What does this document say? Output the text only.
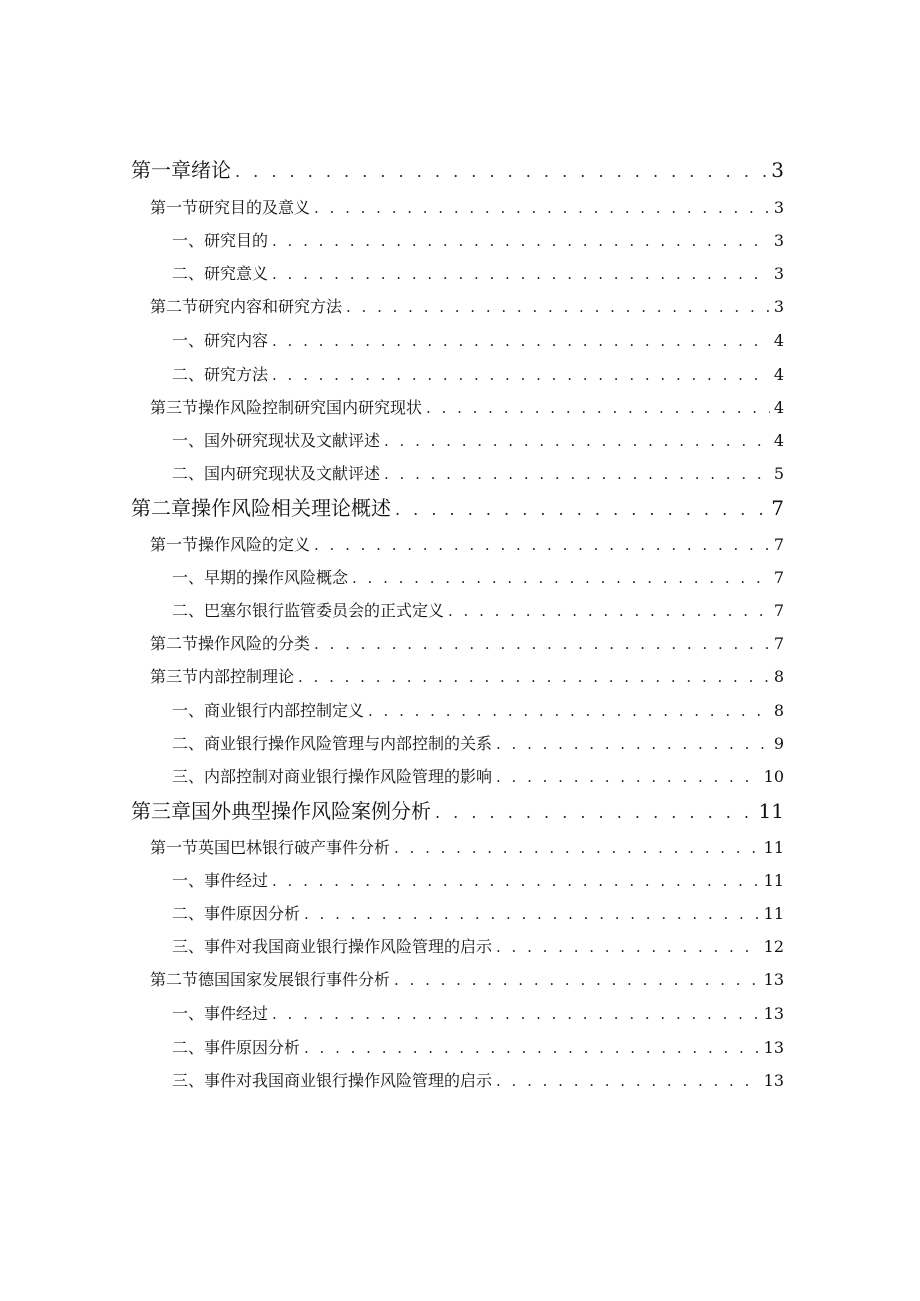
第一章绪论 . . .	3
第一节研究目的及意义 . . .	3
一、研究目的 . . .	3
二、研究意义 . . .	3
第二节研究内容和研究方法 . . .	3
一、研究内容 . . .	4
二、研究方法 . . .	4
第三节操作风险控制研究国内研究现状 . . .	4
一、国外研究现状及文献评述 . . .	4
二、国内研究现状及文献评述 . . .	5
第二章操作风险相关理论概述 . . .	7
第一节操作风险的定义 . . .	7
一、早期的操作风险概念 . . .	7
二、巴塞尔银行监管委员会的正式定义 . . .	7
第二节操作风险的分类 . . .	7
第三节内部控制理论 . . .	8
一、商业银行内部控制定义 . . .	8
二、商业银行操作风险管理与内部控制的关系 . . .	9
三、内部控制对商业银行操作风险管理的影响 . . .	10
第三章国外典型操作风险案例分析 . . .	11
第一节英国巴林银行破产事件分析 . . .	11
一、事件经过 . . .	11
二、事件原因分析 . . .	11
三、事件对我国商业银行操作风险管理的启示 . . .	12
第二节德国国家发展银行事件分析 . . .	13
一、事件经过 . . .	13
二、事件原因分析 . . .	13
三、事件对我国商业银行操作风险管理的启示 . . .	13
